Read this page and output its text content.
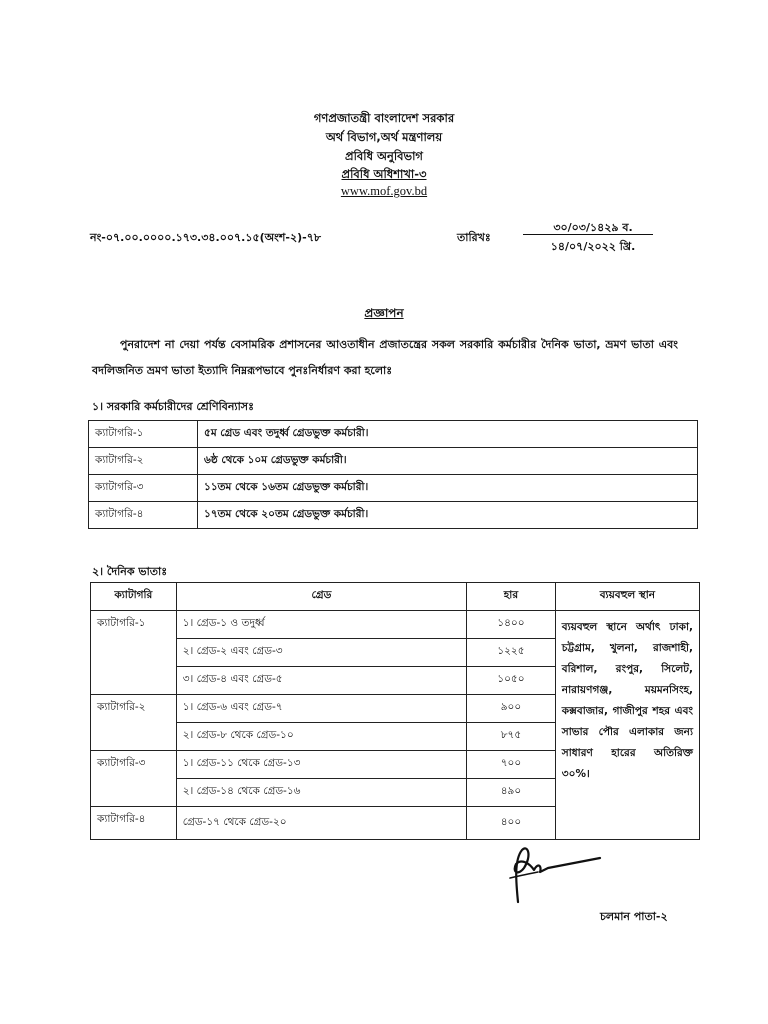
গণপ্রজাতন্ত্রী বাংলাদেশ সরকার
অর্থ বিভাগ,অর্থ মন্ত্রণালয়
প্রবিধি অনুবিভাগ
প্রবিধি অধিশাখা-৩
www.mof.gov.bd
নং-০৭.০০.০০০০.১৭৩.৩৪.০০৭.১৫(অংশ-২)-৭৮	তারিখঃ
৩০/০৩/১৪২৯ ব.
১৪/০৭/২০২২ খ্রি.
প্রজ্ঞাপন
পুনরাদেশ না দেয়া পর্যন্ত বেসামরিক প্রশাসনের আওতাধীন প্রজাতন্ত্রের সকল সরকারি কর্মচারীর দৈনিক ভাতা, ভ্রমণ ভাতা এবং বদলিজনিত ভ্রমণ ভাতা ইত্যাদি নিম্নরূপভাবে পুনঃনির্ধারণ করা হলোঃ
১। সরকারি কর্মচারীদের শ্রেণিবিন্যাসঃ
ক্যাটাগরি-১	৫ম গ্রেড এবং তদুর্ধ্ব গ্রেডভুক্ত কর্মচারী।
ক্যাটাগরি-২	৬ষ্ঠ থেকে ১০ম গ্রেডভুক্ত কর্মচারী।
ক্যাটাগরি-৩	১১তম থেকে ১৬তম গ্রেডভুক্ত কর্মচারী।
ক্যাটাগরি-৪	১৭তম থেকে ২০তম গ্রেডভুক্ত কর্মচারী।
২। দৈনিক ভাতাঃ
ক্যাটাগরি	গ্রেড	হার	ব্যয়বহুল স্থান
ক্যাটাগরি-১	১। গ্রেড-১ ও তদুর্ধ্ব	১৪০০	ব্যয়বহুল স্থানে অর্থাৎ ঢাকা, চট্টগ্রাম, খুলনা, রাজশাহী, বরিশাল, রংপুর, সিলেট, নারায়ণগঞ্জ, ময়মনসিংহ, কক্সবাজার, গাজীপুর শহর এবং সাভার পৌর এলাকার জন্য সাধারণ হারের অতিরিক্ত ৩০%।
	২। গ্রেড-২ এবং গ্রেড-৩	১২২৫	
	৩। গ্রেড-৪ এবং গ্রেড-৫	১০৫০	
ক্যাটাগরি-২	১। গ্রেড-৬ এবং গ্রেড-৭	৯০০	
	২। গ্রেড-৮ থেকে গ্রেড-১০	৮৭৫	
ক্যাটাগরি-৩	১। গ্রেড-১১ থেকে গ্রেড-১৩	৭০০	
	২। গ্রেড-১৪ থেকে গ্রেড-১৬	৪৯০	
ক্যাটাগরি-৪	গ্রেড-১৭ থেকে গ্রেড-২০	৪০০	
চলমান পাতা-২
